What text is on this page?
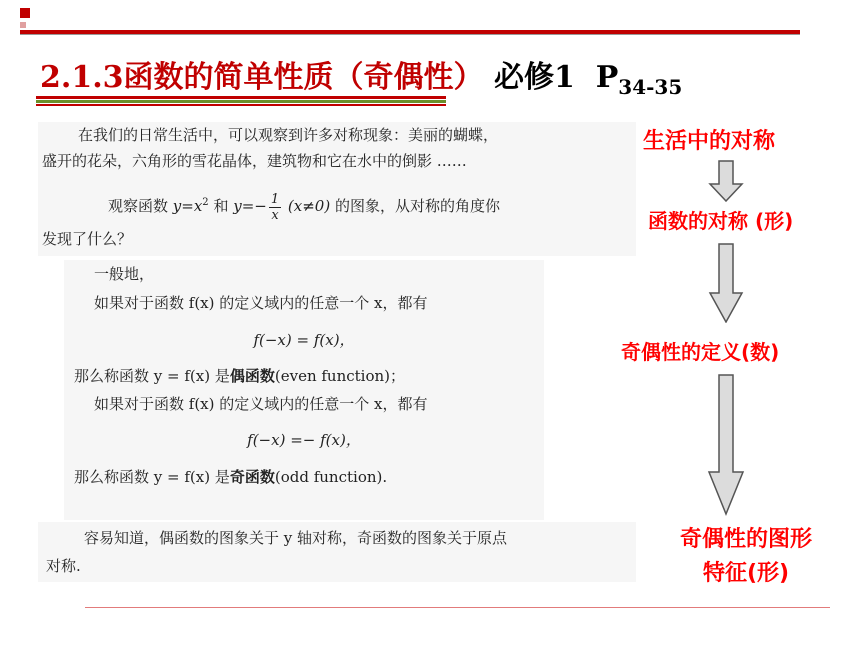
2.1.3函数的简单性质（奇偶性） 必修1 $P_{34-35}$
在我们的日常生活中，可以观察到许多对称现象：美丽的蝴蝶，
盛开的花朵，六角形的雪花晶体，建筑物和它在水中的倒影 ……
观察函数 $y=x^2$ 和 $y=- \frac{1}{x} (x\ne 0)$ 的图象，从对称的角度你
发现了什么？
一般地，
如果对于函数 f(x) 的定义域内的任意一个 x，都有
f(−x) = f(x)，
那么称函数 y = f(x) 是偶函数(even function)；
如果对于函数 f(x) 的定义域内的任意一个 x，都有
f(−x) =− f(x)，
那么称函数 y = f(x) 是奇函数(odd function).
容易知道，偶函数的图象关于 y 轴对称，奇函数的图象关于原点
对称.
生活中的对称
函数的对称 (形)
奇偶性的定义(数)
奇偶性的图形
特征(形)
